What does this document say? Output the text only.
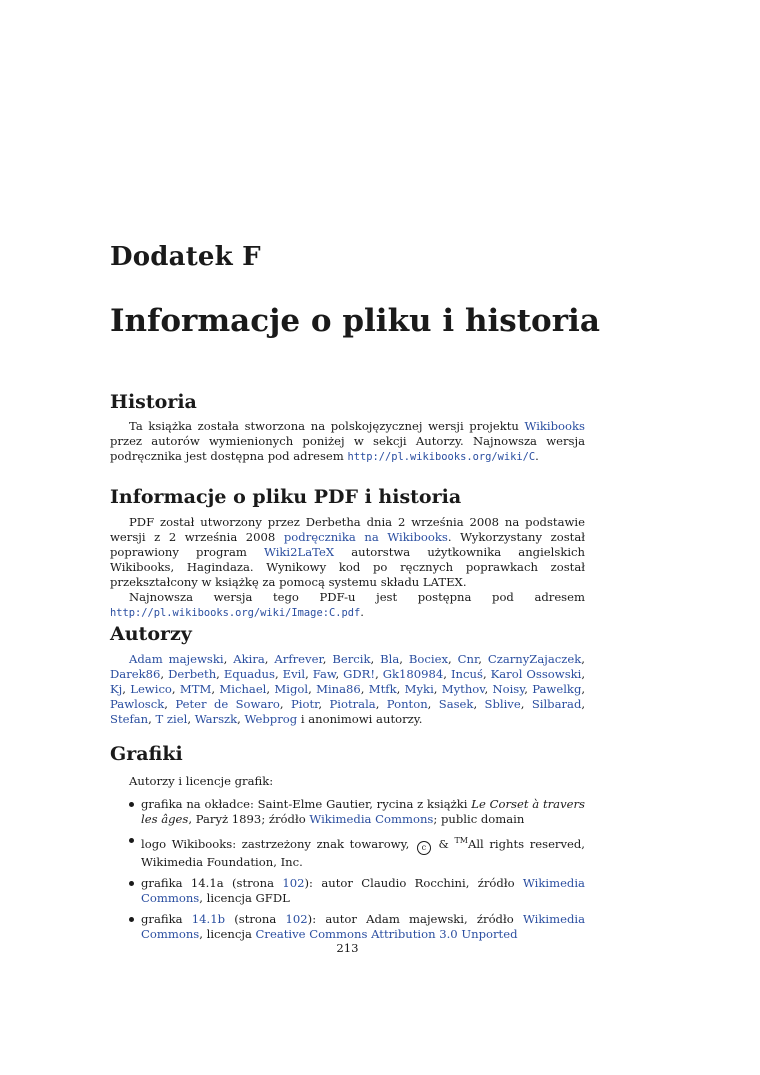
Dodatek F
Informacje o pliku i historia
Historia

Ta książka została stworzona na polskojęzycznej wersji projektu Wikibooks przez autorów wymienionych poniżej w sekcji Autorzy. Najnowsza wersja podręcznika jest dostępna pod adresem http://pl.wikibooks.org/wiki/C.

Informacje o pliku PDF i historia

PDF został utworzony przez Derbetha dnia 2 września 2008 na podstawie wersji z 2 września 2008 podręcznika na Wikibooks. Wykorzystany został poprawiony program Wiki2LaTeX autorstwa użytkownika angielskich Wikibooks, Hagindaza. Wynikowy kod po ręcznych poprawkach został przekształcony w książkę za pomocą systemu składu LATEX.

Najnowsza wersja tego PDF-u jest postępna pod adresem http://pl.wikibooks.org/wiki/Image:C.pdf.

Autorzy

Adam majewski, Akira, Arfrever, Bercik, Bla, Bociex, Cnr, CzarnyZajaczek, Darek86, Derbeth, Equadus, Evil, Faw, GDR!, Gk180984, Incuś, Karol Ossowski, Kj, Lewico, MTM, Michael, Migol, Mina86, Mtfk, Myki, Mythov, Noisy, Pawelkg, Pawlosck, Peter de Sowaro, Piotr, Piotrala, Ponton, Sasek, Sblive, Silbarad, Stefan, T ziel, Warszk, Webprog i anonimowi autorzy.

Grafiki

Autorzy i licencje grafik:

grafika na okładce: Saint-Elme Gautier, rycina z książki Le Corset à travers les âges, Paryż 1893; źródło Wikimedia Commons; public domain
logo Wikibooks: zastrzeżony znak towarowy, c & ™All rights reserved, Wikimedia Foundation, Inc.
grafika 14.1a (strona 102): autor Claudio Rocchini, źródło Wikimedia Commons, licencja GFDL
grafika 14.1b (strona 102): autor Adam majewski, źródło Wikimedia Commons, licencja Creative Commons Attribution 3.0 Unported
213
